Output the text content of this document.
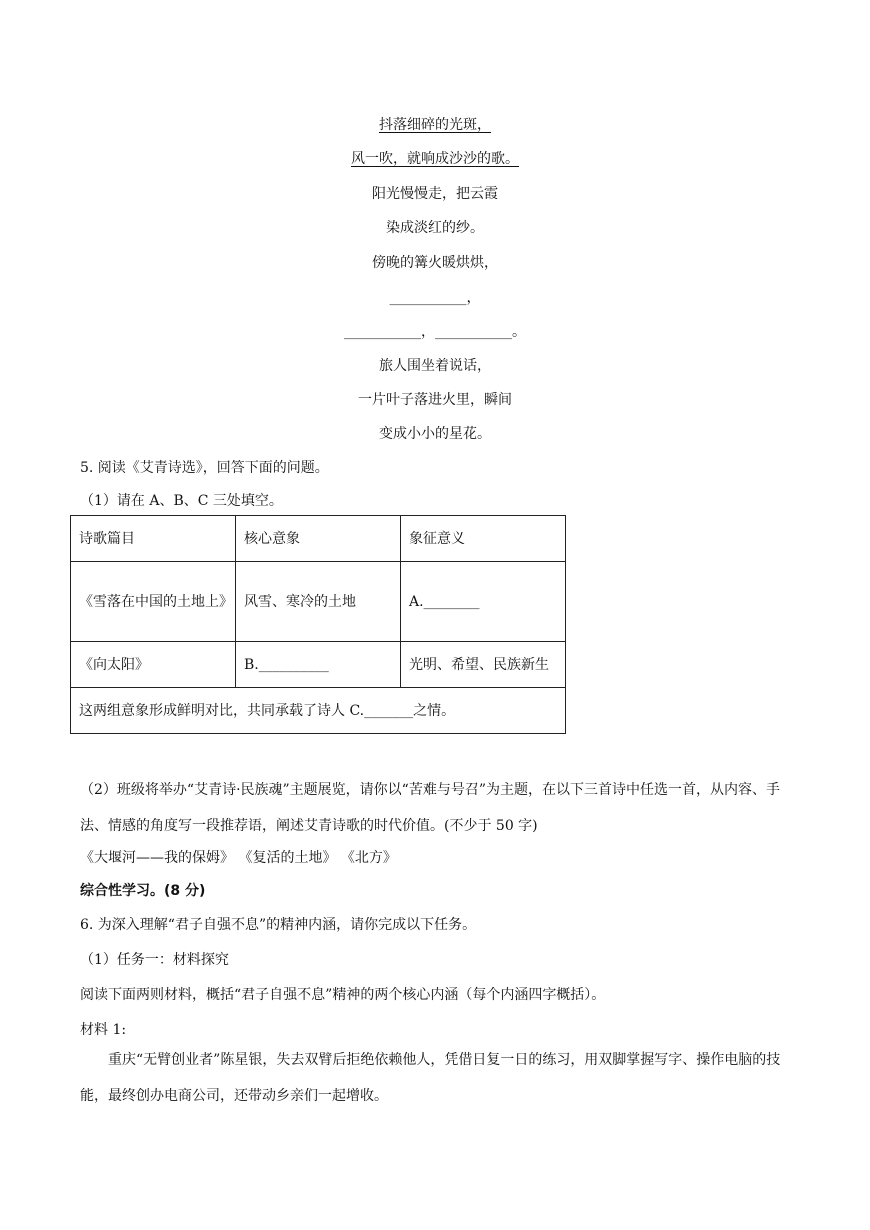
抖落细碎的光斑，
风一吹，就响成沙沙的歌。
阳光慢慢走，把云霞
染成淡红的纱。
傍晚的篝火暖烘烘，
___________，
___________，___________。
旅人围坐着说话，
一片叶子落进火里，瞬间
变成小小的星花。
5. 阅读《艾青诗选》，回答下面的问题。
（1）请在 A、B、C 三处填空。
诗歌篇目	核心意象	象征意义
《雪落在中国的土地上》	风雪、寒冷的土地	A.________
《向太阳》	B.__________	光明、希望、民族新生
这两组意象形成鲜明对比，共同承载了诗人 C._______之情。		
（2）班级将举办“艾青诗·民族魂”主题展览，请你以“苦难与号召”为主题，在以下三首诗中任选一首，从内容、手法、情感的角度写一段推荐语，阐述艾青诗歌的时代价值。(不少于 50 字)
《大堰河——我的保姆》 《复活的土地》 《北方》
综合性学习。(8 分)
6. 为深入理解“君子自强不息”的精神内涵，请你完成以下任务。
（1）任务一：材料探究
阅读下面两则材料，概括“君子自强不息”精神的两个核心内涵（每个内涵四字概括）。
材料 1:
重庆“无臂创业者”陈星银，失去双臂后拒绝依赖他人，凭借日复一日的练习，用双脚掌握写字、操作电脑的技能，最终创办电商公司，还带动乡亲们一起增收。
